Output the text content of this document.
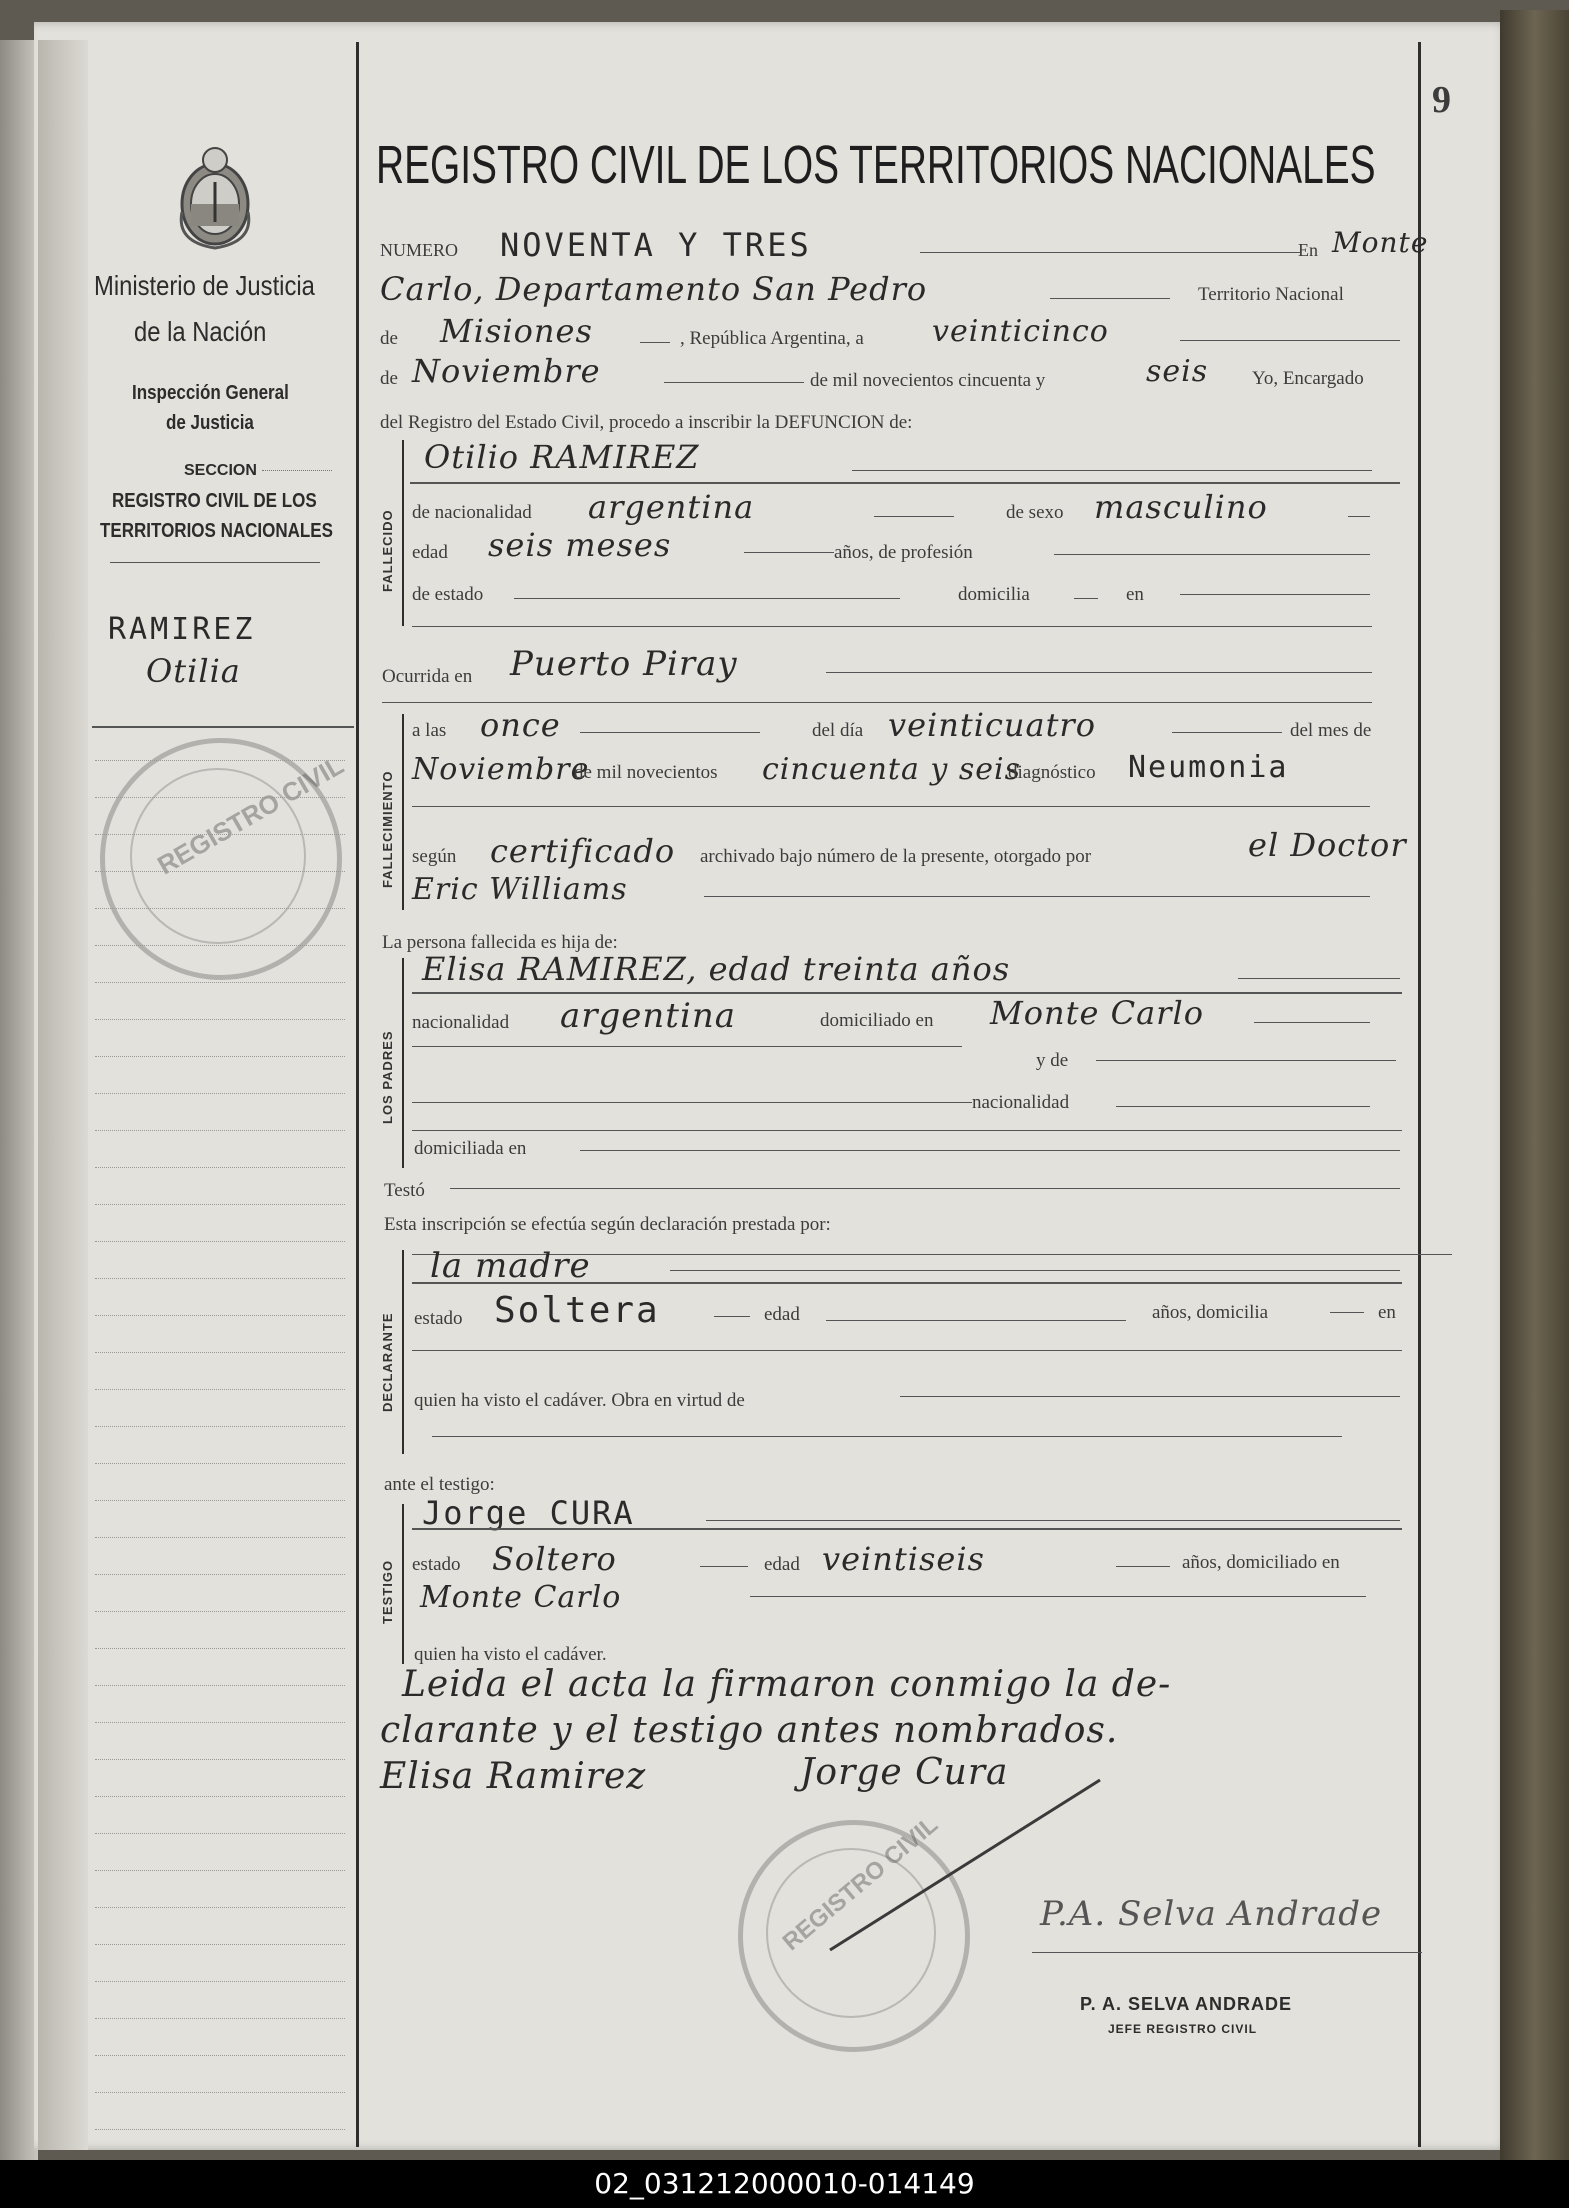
9
Ministerio de Justicia
de la Nación
Inspección General
de Justicia
SECCION
REGISTRO CIVIL DE LOS
TERRITORIOS NACIONALES
RAMIREZ
Otilia
REGISTRO CIVIL
REGISTRO CIVIL DE LOS TERRITORIOS NACIONALES
NUMERO NOVENTA Y TRES	En Monte
Carlo, Departamento San Pedro	Territorio Nacional
de Misiones	, República Argentina, a veinticinco
de Noviembre	de mil novecientos cincuenta y	seis Yo, Encargado
del Registro del Estado Civil, procedo a inscribir la DEFUNCION de:
FALLECIDO
Otilio RAMIREZ
de nacionalidad argentina	de sexo masculino
edad seis meses	años, de profesión
de estado	domicilia	en
Ocurrida en Puerto Piray
FALLECIMIENTO
a las once	del día veinticuatro	del mes de
Noviembre
de mil novecientos cincuenta y seis
diagnóstico Neumonia
según certificado archivado bajo número de la presente, otorgado por	el Doctor
Eric Williams
La persona fallecida es hija de:
LOS PADRES
Elisa RAMIREZ, edad treinta años
nacionalidad argentina	domiciliado en Monte Carlo
y de
nacionalidad
domiciliada en
Testó
Esta inscripción se efectúa según declaración prestada por:
DECLARANTE
la madre
estado Soltera	edad	años, domicilia	en
quien ha visto el cadáver. Obra en virtud de
ante el testigo:
TESTIGO
Jorge CURA
estado Soltero	edad veintiseis	años, domiciliado en
Monte Carlo
quien ha visto el cadáver.
Leida el acta la firmaron conmigo la de-
clarante y el testigo antes nombrados.
Elisa Ramirez	Jorge Cura
REGISTRO CIVIL	P.A. Selva Andrade
P. A. SELVA ANDRADE
JEFE REGISTRO CIVIL
02_031212000010-014149
